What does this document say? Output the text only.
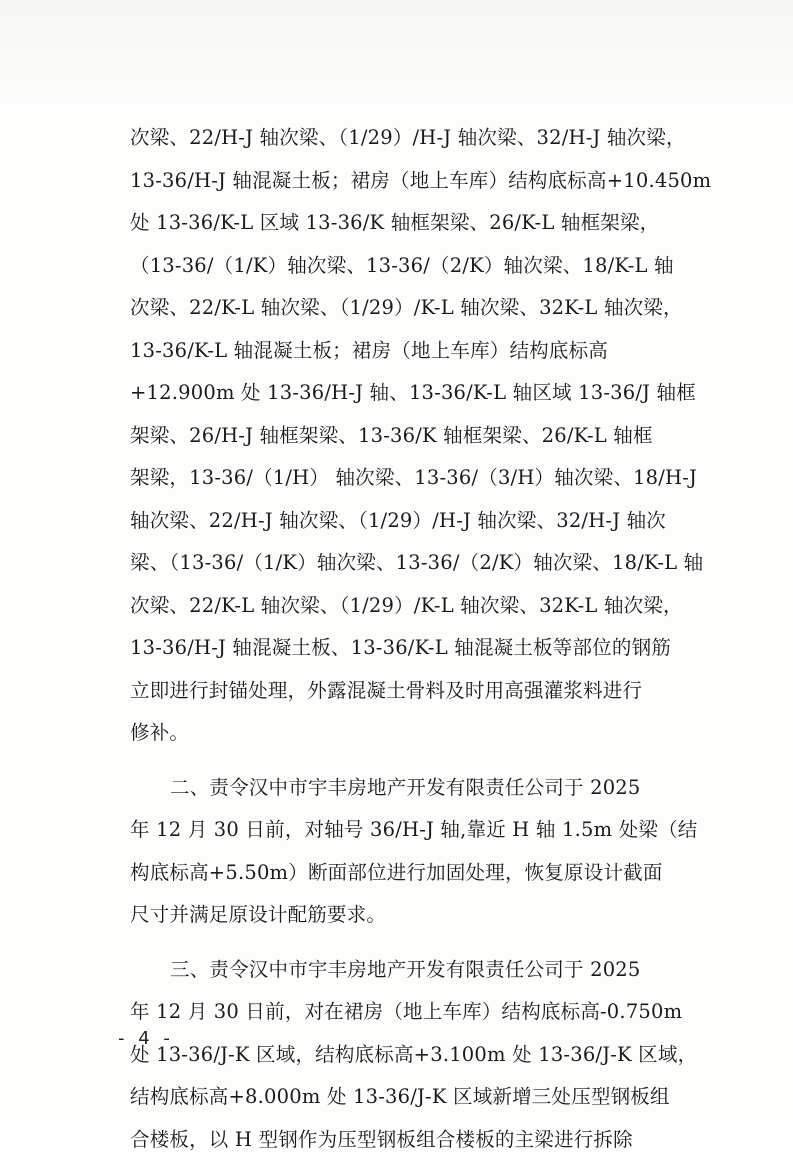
次梁、22/H-J 轴次梁、（1/29）/H-J 轴次梁、32/H-J 轴次梁，
13-36/H-J 轴混凝土板；裙房（地上车库）结构底标高+10.450m
处 13-36/K-L 区域 13-36/K 轴框架梁、26/K-L 轴框架梁，
（13-36/（1/K）轴次梁、13-36/（2/K）轴次梁、18/K-L 轴
次梁、22/K-L 轴次梁、（1/29）/K-L 轴次梁、32K-L 轴次梁，
13-36/K-L 轴混凝土板；裙房（地上车库）结构底标高
+12.900m 处 13-36/H-J 轴、13-36/K-L 轴区域 13-36/J 轴框
架梁、26/H-J 轴框架梁、13-36/K 轴框架梁、26/K-L 轴框
架梁，13-36/（1/H） 轴次梁、13-36/（3/H）轴次梁、18/H-J
轴次梁、22/H-J 轴次梁、（1/29）/H-J 轴次梁、32/H-J 轴次
梁、（13-36/（1/K）轴次梁、13-36/（2/K）轴次梁、18/K-L 轴
次梁、22/K-L 轴次梁、（1/29）/K-L 轴次梁、32K-L 轴次梁，
13-36/H-J 轴混凝土板、13-36/K-L 轴混凝土板等部位的钢筋
立即进行封锚处理，外露混凝土骨料及时用高强灌浆料进行
修补。
二、责令汉中市宇丰房地产开发有限责任公司于 2025
年 12 月 30 日前，对轴号 36/H-J 轴,靠近 H 轴 1.5m 处梁（结
构底标高+5.50m）断面部位进行加固处理，恢复原设计截面
尺寸并满足原设计配筋要求。
三、责令汉中市宇丰房地产开发有限责任公司于 2025
年 12 月 30 日前，对在裙房（地上车库）结构底标高-0.750m
处 13-36/J-K 区域，结构底标高+3.100m 处 13-36/J-K 区域，
结构底标高+8.000m 处 13-36/J-K 区域新增三处压型钢板组
合楼板，以 H 型钢作为压型钢板组合楼板的主梁进行拆除
- 4 -
